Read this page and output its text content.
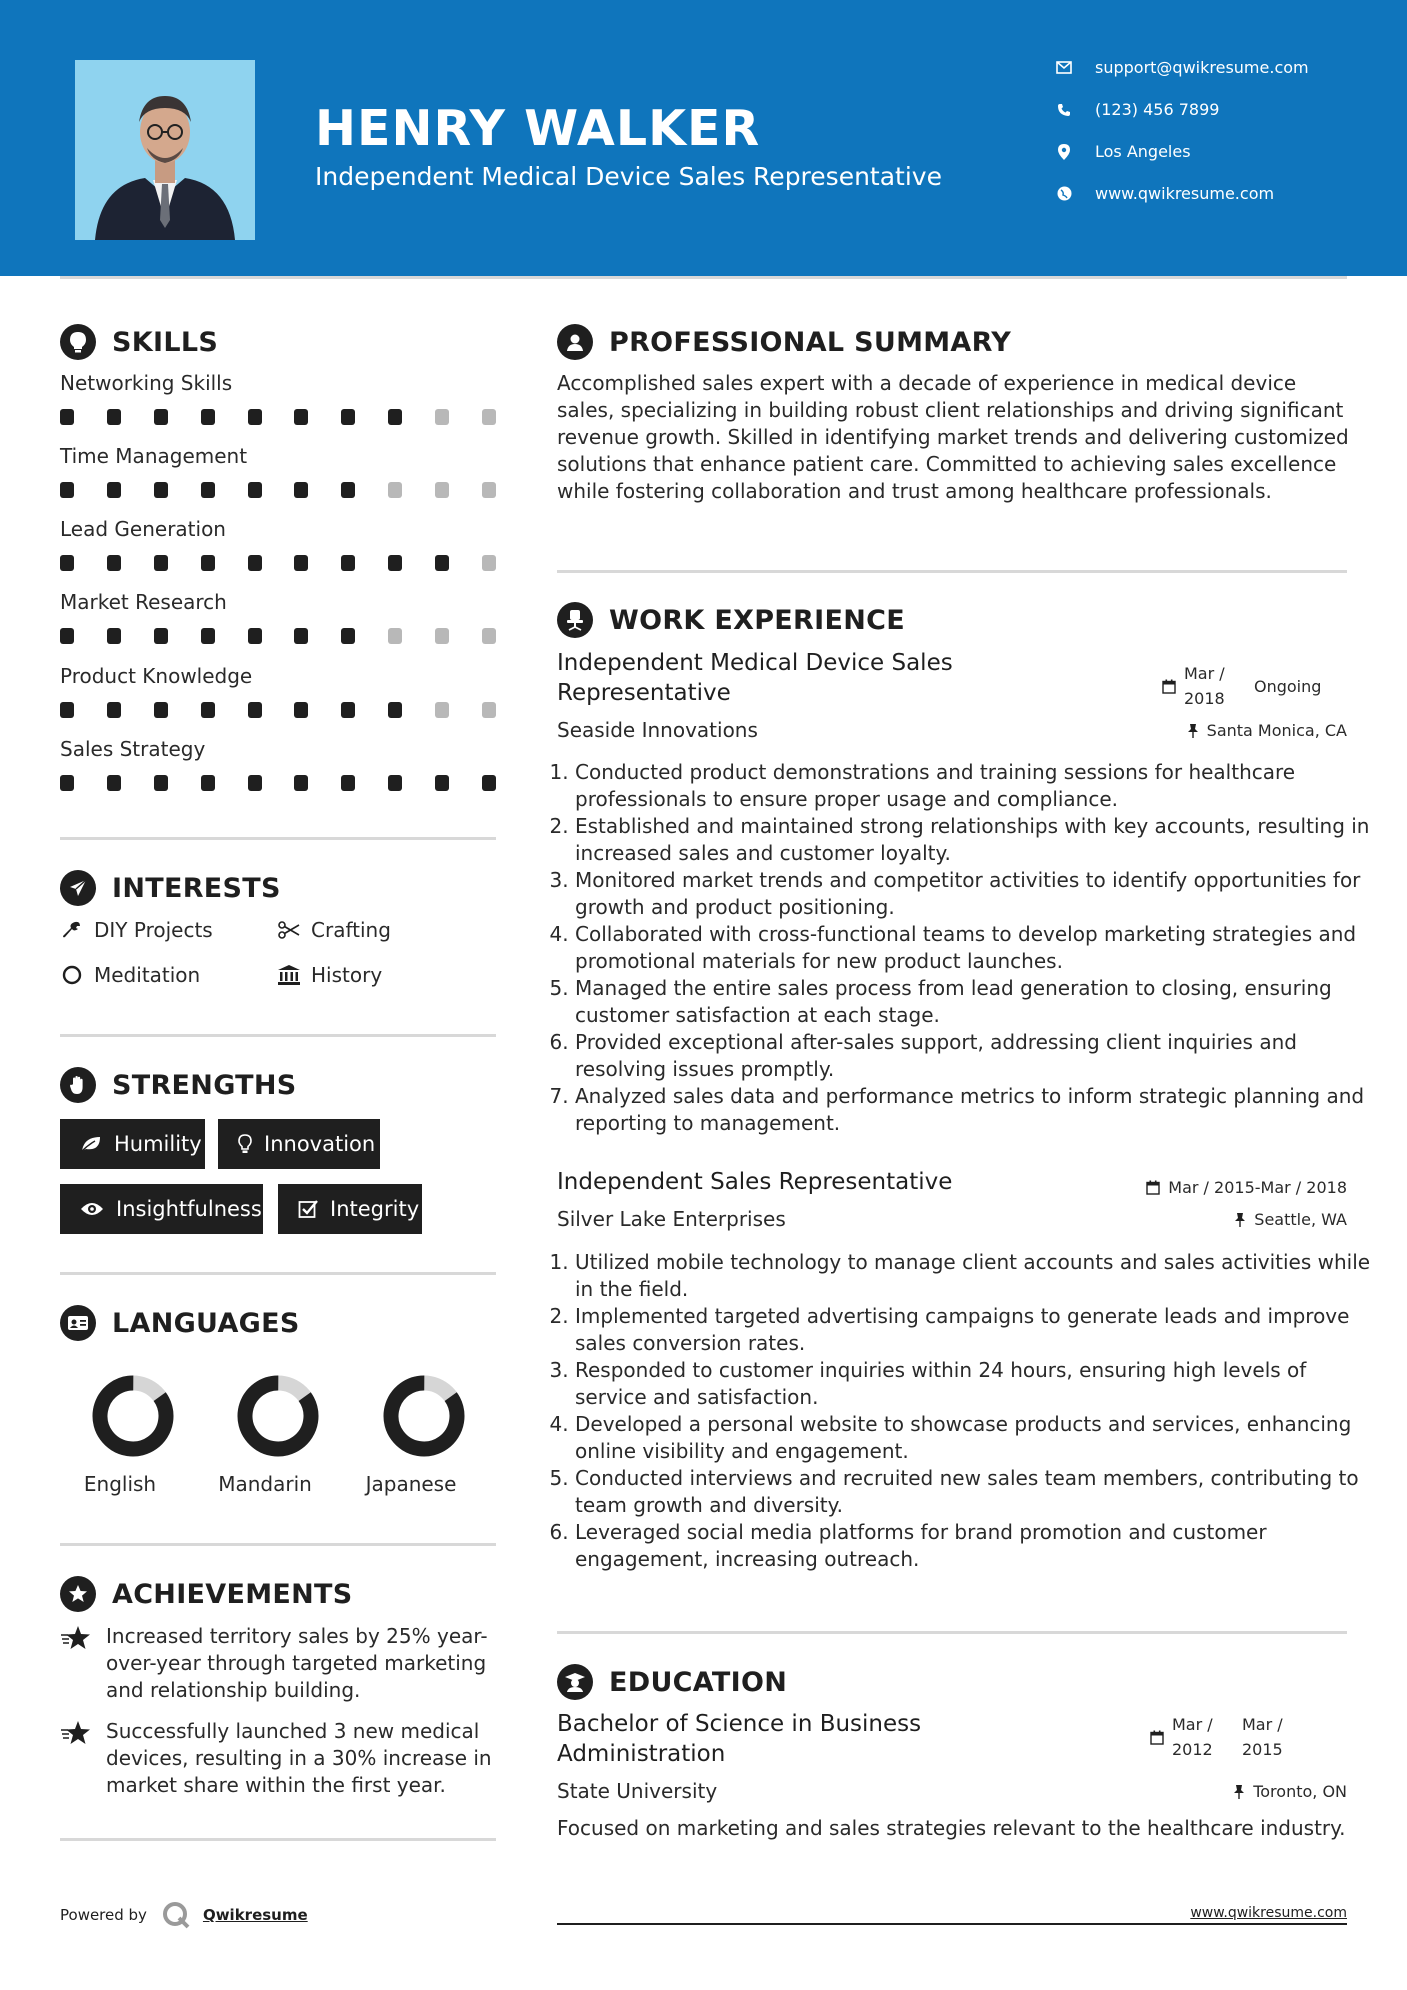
HENRY WALKER
Independent Medical Device Sales Representative
support@qwikresume.com
(123) 456 7899
Los Angeles
www.qwikresume.com
SKILLS
Networking Skills
Time Management
Lead Generation
Market Research
Product Knowledge
Sales Strategy
INTERESTS
DIY Projects	Crafting
Meditation	History
STRENGTHS
Humility	Innovation
Insightfulness	Integrity
LANGUAGES
English	Mandarin	Japanese
ACHIEVEMENTS
Increased territory sales by 25% year-over-year through targeted marketing and relationship building.
Successfully launched 3 new medical devices, resulting in a 30% increase in market share within the first year.
PROFESSIONAL SUMMARY
Accomplished sales expert with a decade of experience in medical device sales, specializing in building robust client relationships and driving significant revenue growth. Skilled in identifying market trends and delivering customized solutions that enhance patient care. Committed to achieving sales excellence while fostering collaboration and trust among healthcare professionals.
WORK EXPERIENCE
Independent Medical Device Sales Representative
Mar / 2018
Ongoing
Seaside Innovations	Santa Monica, CA
1. Conducted product demonstrations and training sessions for healthcare professionals to ensure proper usage and compliance.
2. Established and maintained strong relationships with key accounts, resulting in increased sales and customer loyalty.
3. Monitored market trends and competitor activities to identify opportunities for growth and product positioning.
4. Collaborated with cross-functional teams to develop marketing strategies and promotional materials for new product launches.
5. Managed the entire sales process from lead generation to closing, ensuring customer satisfaction at each stage.
6. Provided exceptional after-sales support, addressing client inquiries and resolving issues promptly.
7. Analyzed sales data and performance metrics to inform strategic planning and reporting to management.
Independent Sales Representative	Mar / 2015-Mar / 2018
Silver Lake Enterprises	Seattle, WA
1. Utilized mobile technology to manage client accounts and sales activities while in the field.
2. Implemented targeted advertising campaigns to generate leads and improve sales conversion rates.
3. Responded to customer inquiries within 24 hours, ensuring high levels of service and satisfaction.
4. Developed a personal website to showcase products and services, enhancing online visibility and engagement.
5. Conducted interviews and recruited new sales team members, contributing to team growth and diversity.
6. Leveraged social media platforms for brand promotion and customer engagement, increasing outreach.
EDUCATION
Bachelor of Science in Business Administration
Mar / 2012
Mar / 2015
State University	Toronto, ON
Focused on marketing and sales strategies relevant to the healthcare industry.
Powered by	Qwikresume	www.qwikresume.com
